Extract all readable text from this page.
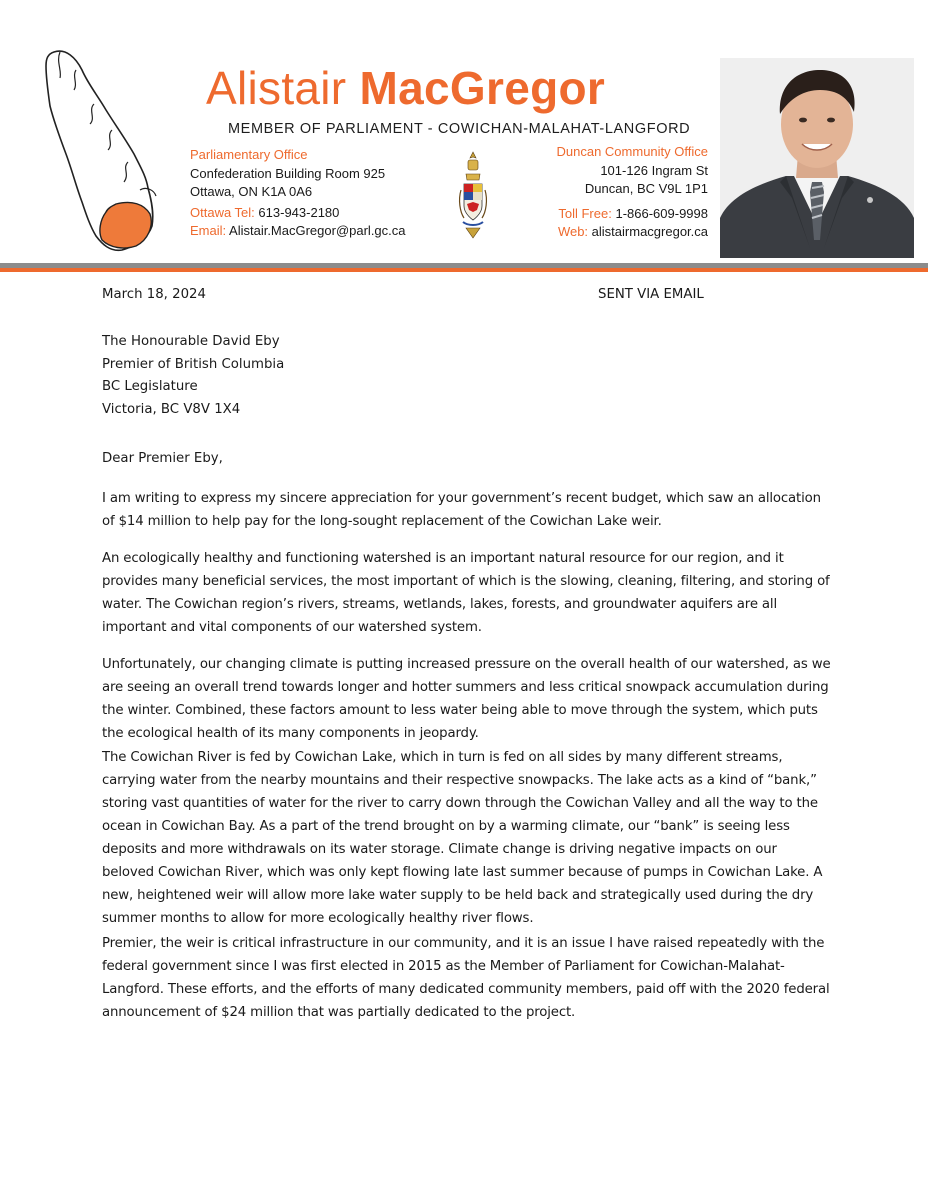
Alistair MacGregor
MEMBER OF PARLIAMENT - COWICHAN-MALAHAT-LANGFORD
Parliamentary Office
Confederation Building Room 925
Ottawa, ON K1A 0A6
Ottawa Tel: 613-943-2180
Email: Alistair.MacGregor@parl.gc.ca
Duncan Community Office
101-126 Ingram St
Duncan, BC V9L 1P1
Toll Free: 1-866-609-9998
Web: alistairmacgregor.ca
March 18, 2024	SENT VIA EMAIL
The Honourable David Eby
Premier of British Columbia
BC Legislature
Victoria, BC V8V 1X4
Dear Premier Eby,

I am writing to express my sincere appreciation for your government’s recent budget, which saw an allocation of $14 million to help pay for the long-sought replacement of the Cowichan Lake weir.

An ecologically healthy and functioning watershed is an important natural resource for our region, and it provides many beneficial services, the most important of which is the slowing, cleaning, filtering, and storing of water. The Cowichan region’s rivers, streams, wetlands, lakes, forests, and groundwater aquifers are all important and vital components of our watershed system.

Unfortunately, our changing climate is putting increased pressure on the overall health of our watershed, as we are seeing an overall trend towards longer and hotter summers and less critical snowpack accumulation during the winter. Combined, these factors amount to less water being able to move through the system, which puts the ecological health of its many components in jeopardy.

The Cowichan River is fed by Cowichan Lake, which in turn is fed on all sides by many different streams, carrying water from the nearby mountains and their respective snowpacks. The lake acts as a kind of “bank,” storing vast quantities of water for the river to carry down through the Cowichan Valley and all the way to the ocean in Cowichan Bay. As a part of the trend brought on by a warming climate, our “bank” is seeing less deposits and more withdrawals on its water storage. Climate change is driving negative impacts on our beloved Cowichan River, which was only kept flowing late last summer because of pumps in Cowichan Lake. A new, heightened weir will allow more lake water supply to be held back and strategically used during the dry summer months to allow for more ecologically healthy river flows.

Premier, the weir is critical infrastructure in our community, and it is an issue I have raised repeatedly with the federal government since I was first elected in 2015 as the Member of Parliament for Cowichan-Malahat-Langford. These efforts, and the efforts of many dedicated community members, paid off with the 2020 federal announcement of $24 million that was partially dedicated to the project.
